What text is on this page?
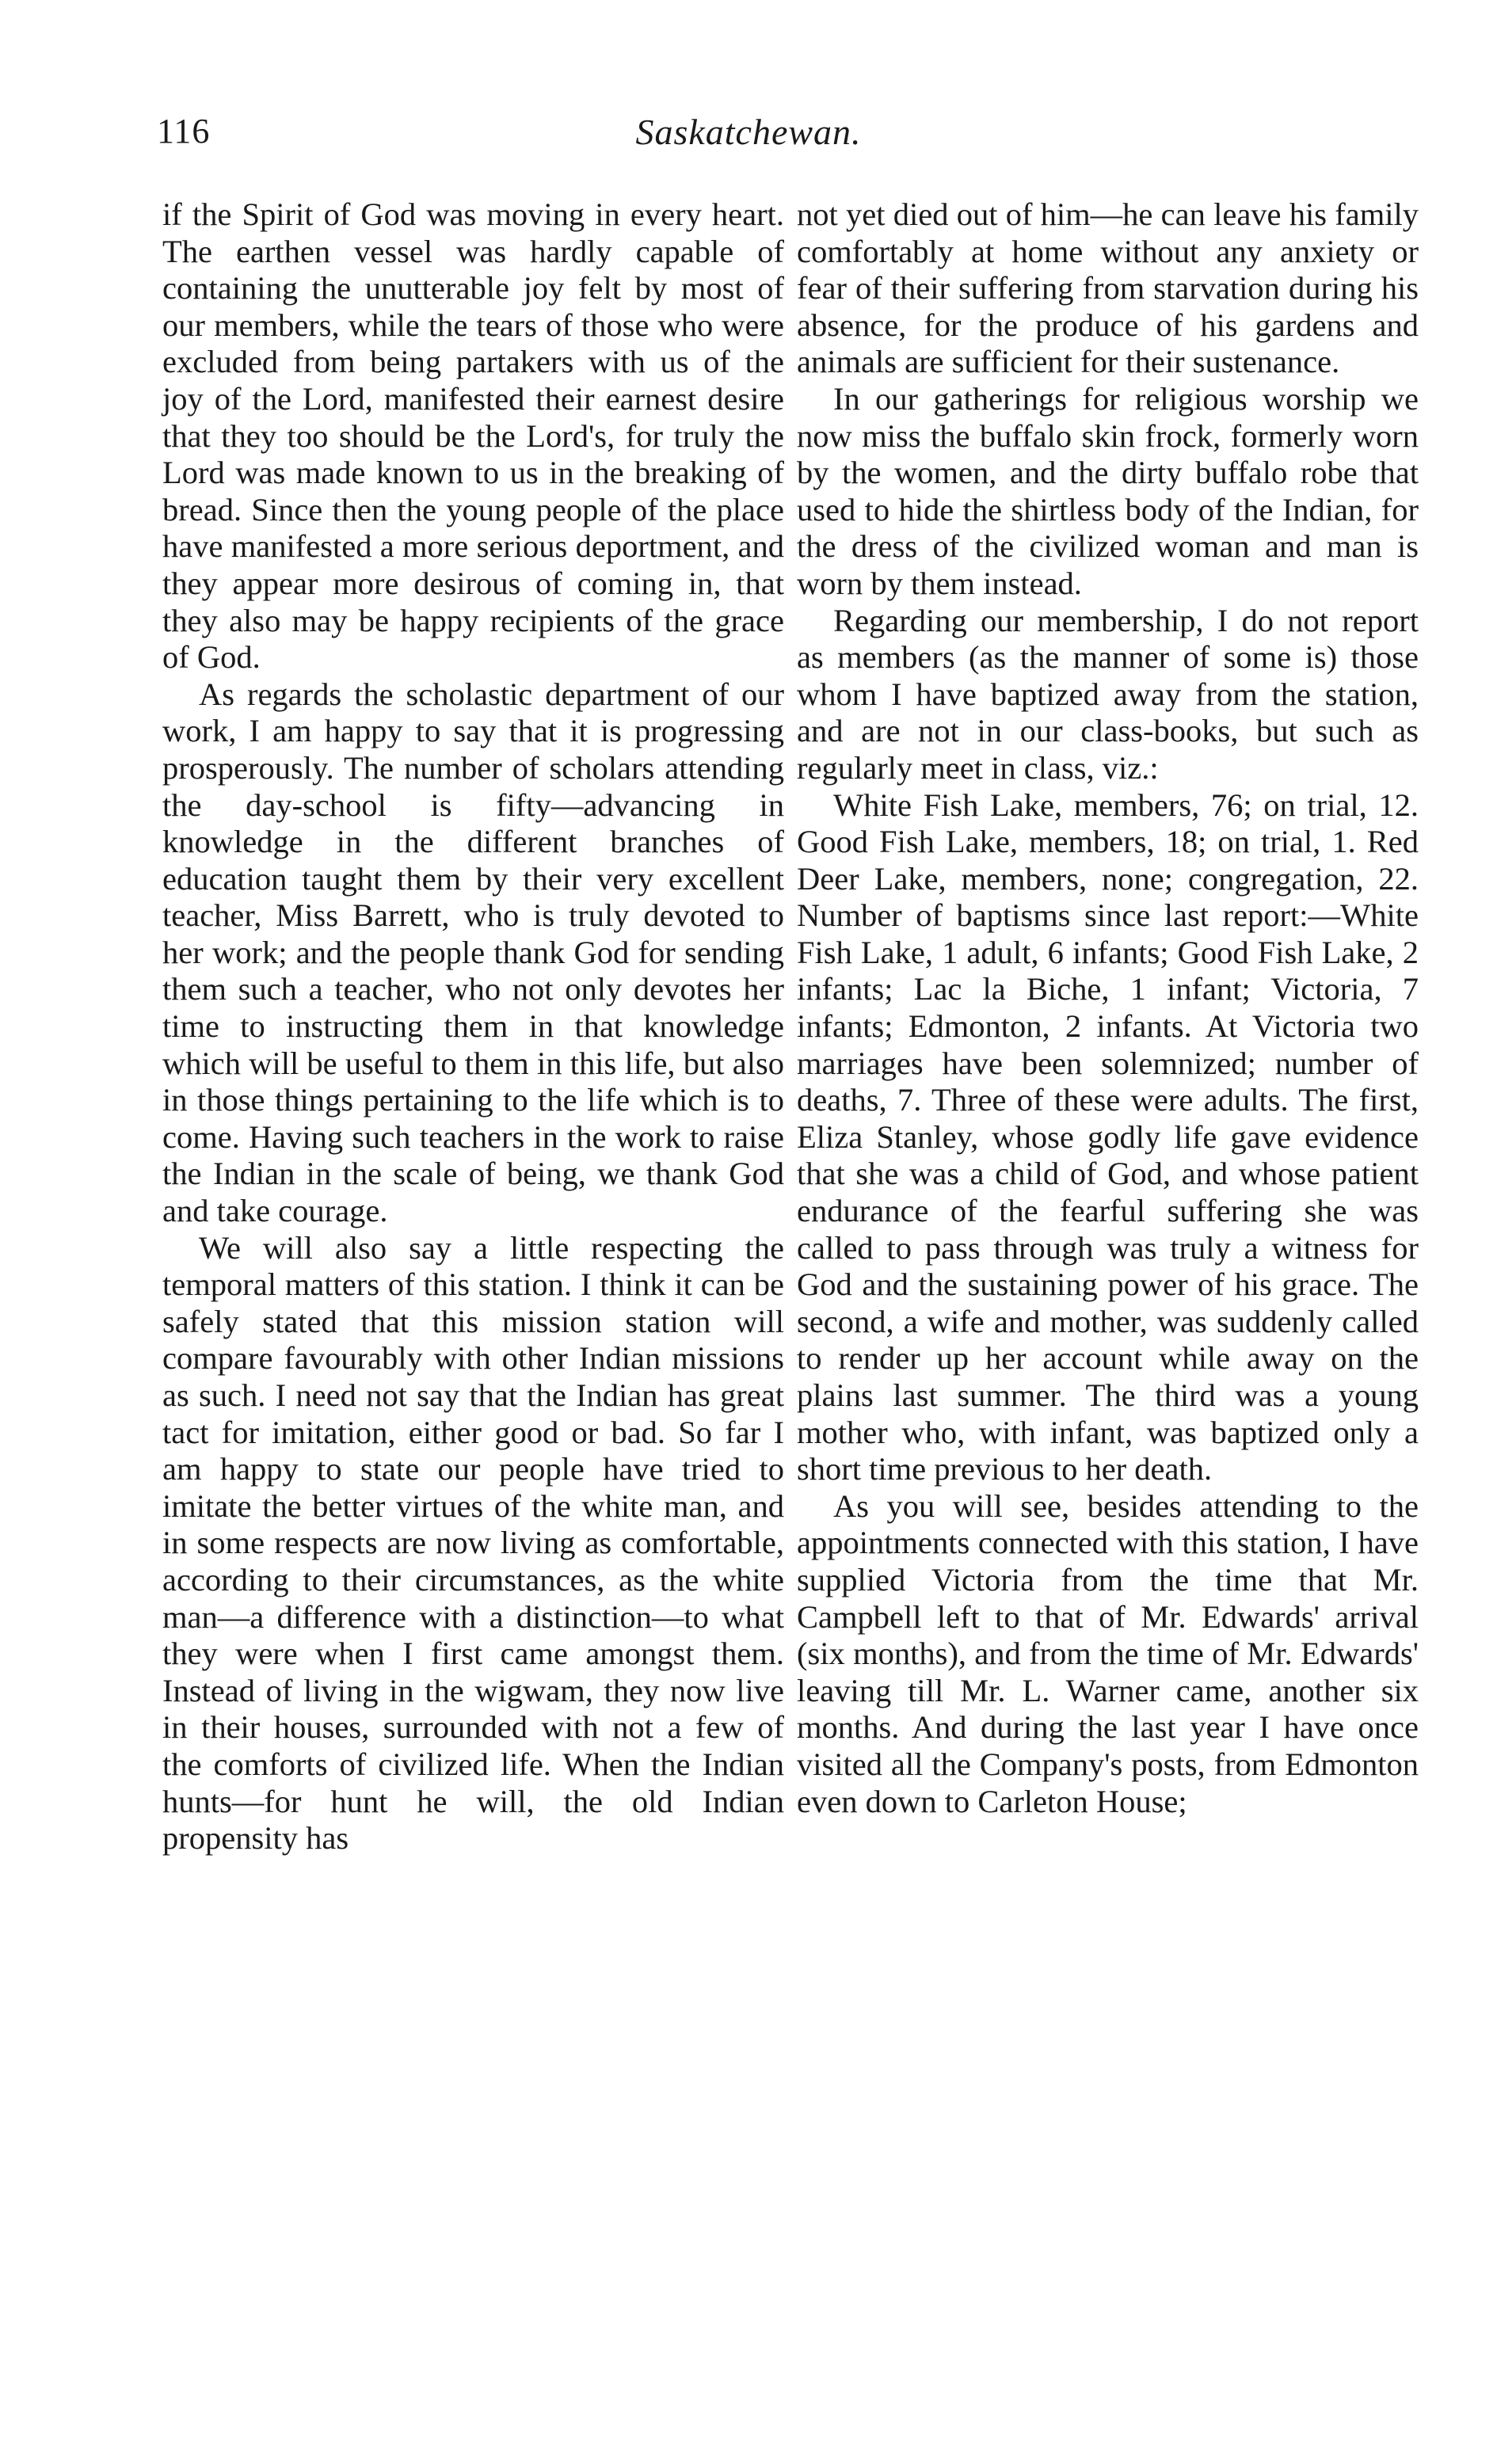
116	Saskatchewan.

if the Spirit of God was moving in every heart. The earthen vessel was hardly capable of containing the unutterable joy felt by most of our members, while the tears of those who were excluded from being partakers with us of the joy of the Lord, manifested their earnest desire that they too should be the Lord's, for truly the Lord was made known to us in the breaking of bread. Since then the young people of the place have manifested a more serious deportment, and they appear more desirous of coming in, that they also may be happy recipients of the grace of God.

As regards the scholastic department of our work, I am happy to say that it is progressing prosperously. The number of scholars attending the day-school is fifty—advancing in knowledge in the different branches of education taught them by their very excellent teacher, Miss Barrett, who is truly devoted to her work; and the people thank God for sending them such a teacher, who not only devotes her time to instructing them in that knowledge which will be useful to them in this life, but also in those things pertaining to the life which is to come. Having such teachers in the work to raise the Indian in the scale of being, we thank God and take courage.

We will also say a little respecting the temporal matters of this station. I think it can be safely stated that this mission station will compare favourably with other Indian missions as such. I need not say that the Indian has great tact for imitation, either good or bad. So far I am happy to state our people have tried to imitate the better virtues of the white man, and in some respects are now living as comfortable, according to their circumstances, as the white man—a difference with a distinction—to what they were when I first came amongst them. Instead of living in the wigwam, they now live in their houses, surrounded with not a few of the comforts of civilized life. When the Indian hunts—for hunt he will, the old Indian propensity has

not yet died out of him—he can leave his family comfortably at home without any anxiety or fear of their suffering from starvation during his absence, for the produce of his gardens and animals are sufficient for their sustenance.

In our gatherings for religious worship we now miss the buffalo skin frock, formerly worn by the women, and the dirty buffalo robe that used to hide the shirtless body of the Indian, for the dress of the civilized woman and man is worn by them instead.

Regarding our membership, I do not report as members (as the manner of some is) those whom I have baptized away from the station, and are not in our class-books, but such as regularly meet in class, viz.:

White Fish Lake, members, 76; on trial, 12. Good Fish Lake, members, 18; on trial, 1. Red Deer Lake, members, none; congregation, 22. Number of baptisms since last report:—White Fish Lake, 1 adult, 6 infants; Good Fish Lake, 2 infants; Lac la Biche, 1 infant; Victoria, 7 infants; Edmonton, 2 infants. At Victoria two marriages have been solemnized; number of deaths, 7. Three of these were adults. The first, Eliza Stanley, whose godly life gave evidence that she was a child of God, and whose patient endurance of the fearful suffering she was called to pass through was truly a witness for God and the sustaining power of his grace. The second, a wife and mother, was suddenly called to render up her account while away on the plains last summer. The third was a young mother who, with infant, was baptized only a short time previous to her death.

As you will see, besides attending to the appointments connected with this station, I have supplied Victoria from the time that Mr. Campbell left to that of Mr. Edwards' arrival (six months), and from the time of Mr. Edwards' leaving till Mr. L. Warner came, another six months. And during the last year I have once visited all the Company's posts, from Edmonton even down to Carleton House;
